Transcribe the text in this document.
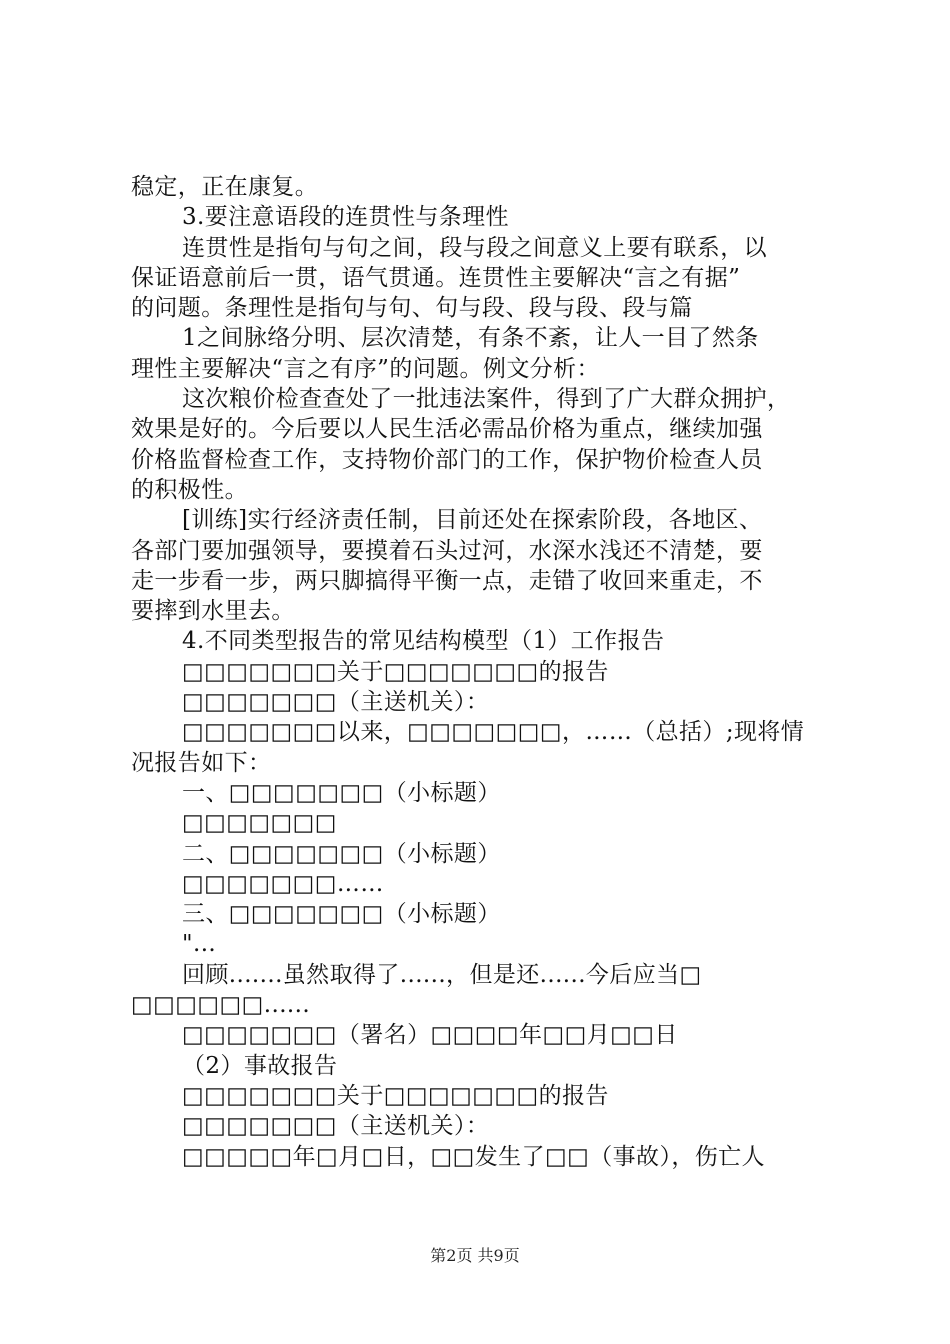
稳定，正在康复。
3.要注意语段的连贯性与条理性
连贯性是指句与句之间，段与段之间意义上要有联系，以
保证语意前后一贯，语气贯通。连贯性主要解决“言之有据”
的问题。条理性是指句与句、句与段、段与段、段与篇
1之间脉络分明、层次清楚，有条不紊，让人一目了然条
理性主要解决“言之有序”的问题。例文分析：
这次粮价检查查处了一批违法案件，得到了广大群众拥护，
效果是好的。今后要以人民生活必需品价格为重点，继续加强
价格监督检查工作，支持物价部门的工作，保护物价检查人员
的积极性。
[训练]实行经济责任制，目前还处在探索阶段，各地区、
各部门要加强领导，要摸着石头过河，水深水浅还不清楚，要
走一步看一步，两只脚搞得平衡一点，走错了收回来重走，不
要摔到水里去。
4.不同类型报告的常见结构模型（1）工作报告
□□□□□□□关于□□□□□□□的报告
□□□□□□□（主送机关）：
□□□□□□□以来，□□□□□□□，……（总括）;现将情
况报告如下：
一、□□□□□□□（小标题）
□□□□□□□
二、□□□□□□□（小标题）
□□□□□□□……
三、□□□□□□□（小标题）
"...
回顾.......虽然取得了......，但是还......今后应当□
□□□□□□......
□□□□□□□（署名）□□□□年□□月□□日
（2）事故报告
□□□□□□□关于□□□□□□□的报告
□□□□□□□（主送机关）：
□□□□□年□月□日，□□发生了□□（事故），伤亡人
第2页 共9页
